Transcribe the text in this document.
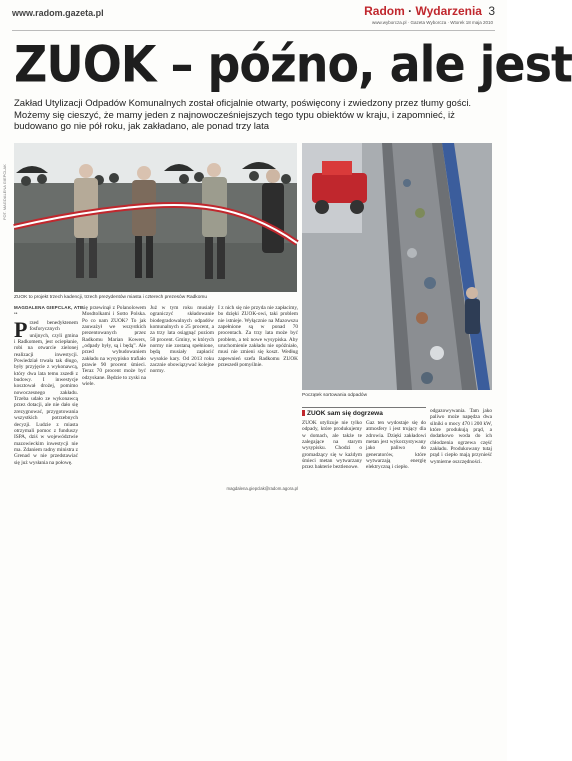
www.radom.gazeta.pl	Radom · Wydarzenia 3
www.wyborcza.pl · Gazeta Wyborcza · Wtorek 18 maja 2010
ZUOK – późno, ale jest
Zakład Utylizacji Odpadów Komunalnych został oficjalnie otwarty, poświęcony i zwiedzony przez tłumy gości. Możemy się cieszyć, że mamy jeden z najnowocześniejszych tego typu obiektów w kraju, i zapomnieć, iż budowano go nie pół roku, jak zakładano, ale ponad trzy lata
FOT. MAGDALENA GIEPCLAK
ZUOK to projekt trzech kadencji, trzech prezydentów miasta i czterech prezesów Radkomu
Początek sortowania odpadów
MAGDALENA GIEPCLAK, ATE
••
P rzed benedyktenem fosforycznych unijnych, czyli gmina i Radkomem, jest ociepłanie, robi na otwarcie zielonej realizacji inwestycji. Powiedział trwała tak długo, były przyjęcie z wykonawcą, który dwa lata temu zszedł z budowy. I inwestycje kosztował drożej, pomimo nowoczesnego zakładu. Trzeba udało ze wykonawcą przez dotacji, ale nie dało się zrezygnować, przygotowania wszystkich potrzebnych decyzji. Ludzie z miasta otrzymali pomoc z funduszy ISPA, dziś w województwie mazowieckim inwestycji nie ma. Zdaniem radny ministra z Grenad w nie przedstawiać się już wysłania na połowę.
się przewinął z Polanolowem Mosdtolkami i Sotto Polska. Po co nam ZUOK? To jak zauważył we wszystkich prezentowanych przez Radkomu Marian Kowers, „odpady były, są i będą”. Ale przed wybudowaniem zakładu na wysypisko trafiało prawie 90 procent śmieci. Teraz 70 procent może być odzyskane. Będzie to zyski na wiele.
Już w tym roku musiały ograniczyć składowanie biodegradowalnych odpadów komunalnych o 25 procent, a za trzy lata osiągnąć poziom 50 procent. Gminy, w których normy nie zostaną spełnione, będą musiały zapłacić wysokie kary. Od 2013 roku zacznie obowiązywać kolejne normy.
I z nich się nie przyda nie zapłacimy, bo dzięki ZUOK-owi, taki problem nie istnieje. Wyłącznie na Mazowszu zapełnione są w ponad 70 procentach. Za trzy lata może być problem, a też nowe wysypiska. Aby uruchomienie zakładu nie opóźniało, musi nie zmieni się koszt. Według zapewnień szefa Radkomu ZUOK przeszedł pomyślnie.
magdalena.giepclak@radom.agora.pl
ZUOK sam się dogrzewa
ZUOK utylizuje nie tylko odpady, które produkujemy w domach, ale także te zalegające na starym wysypisku. Chodzi o gromadzący się w każdym śmieci metan wytwarzany przez bakterie beztlenowe.
Gaz ten wydostaje się do atmosfery i jest trujący dla zdrowia. Dzięki zakładowi metan jest wykorzystywany jako paliwo do generatorów, które wytwarzają energię elektryczną i ciepło.
odgazowywania. Tam jako paliwo może napędza dwa silniki o mocy 470 i 200 kW, które produkują prąd, a dodatkowo woda do ich chłodzenia ogrzewa część zakładu. Produkowany tutaj prąd i ciepło mają przynieść wymierne oszczędności.
